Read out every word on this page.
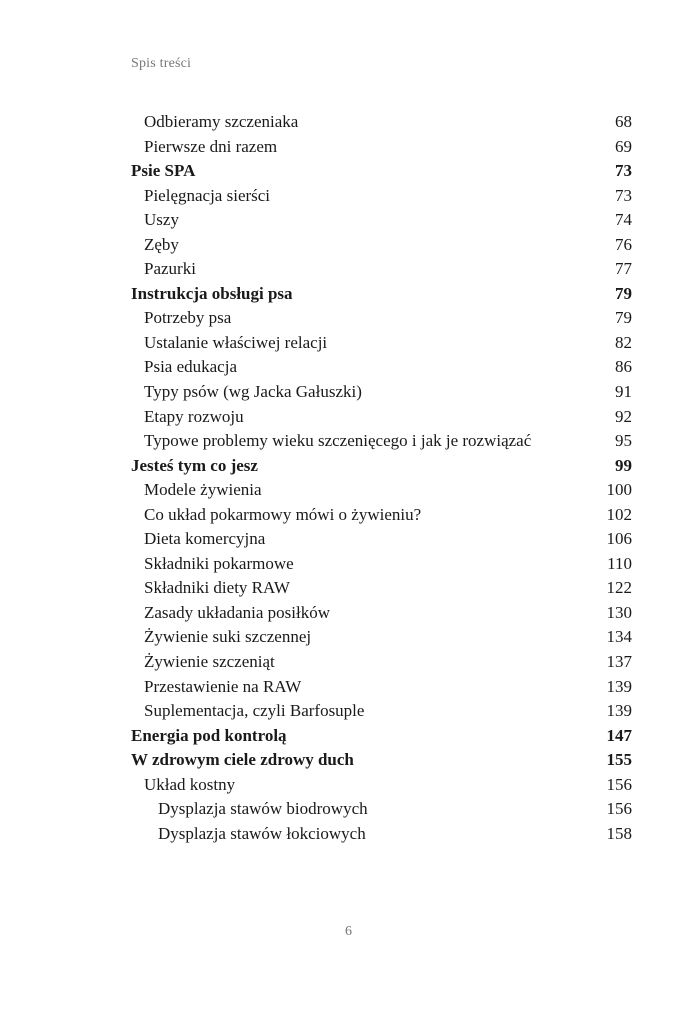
Spis treści
Odbieramy szczeniaka	68
Pierwsze dni razem	69
Psie SPA	73
Pielęgnacja sierści	73
Uszy	74
Zęby	76
Pazurki	77
Instrukcja obsługi psa	79
Potrzeby psa	79
Ustalanie właściwej relacji	82
Psia edukacja	86
Typy psów (wg Jacka Gałuszki)	91
Etapy rozwoju	92
Typowe problemy wieku szczenięcego i jak je rozwiązać	95
Jesteś tym co jesz	99
Modele żywienia	100
Co układ pokarmowy mówi o żywieniu?	102
Dieta komercyjna	106
Składniki pokarmowe	110
Składniki diety RAW	122
Zasady układania posiłków	130
Żywienie suki szczennej	134
Żywienie szczeniąt	137
Przestawienie na RAW	139
Suplementacja, czyli Barfosuple	139
Energia pod kontrolą	147
W zdrowym ciele zdrowy duch	155
Układ kostny	156
Dysplazja stawów biodrowych	156
Dysplazja stawów łokciowych	158
6
